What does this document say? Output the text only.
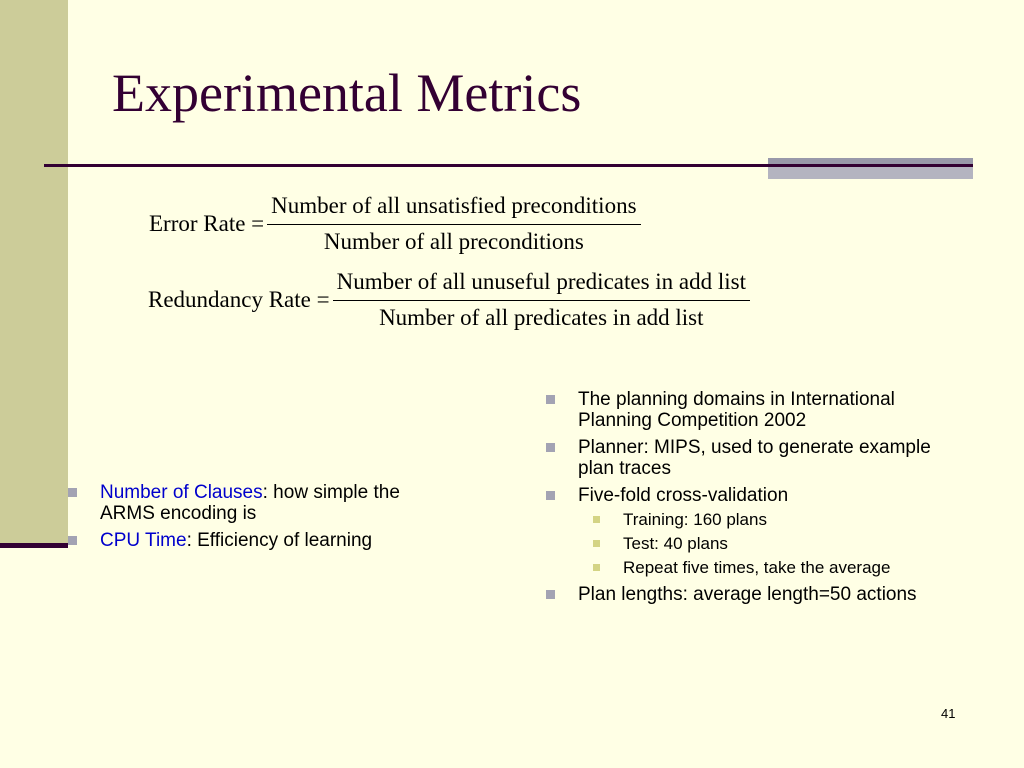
Experimental Metrics
Error Rate = $\frac{\text{Number of all unsatisfied preconditions}}{\text{Number of all preconditions}}$
Redundancy Rate = $\frac{\text{Number of all unuseful predicates in add list}}{\text{Number of all predicates in add list}}$
Number of Clauses: how simple the ARMS encoding is
CPU Time: Efficiency of learning
The planning domains in International Planning Competition 2002
Planner: MIPS, used to generate example plan traces
Five-fold cross-validation
Training: 160 plans
Test: 40 plans
Repeat five times, take the average
Plan lengths: average length=50 actions
41
